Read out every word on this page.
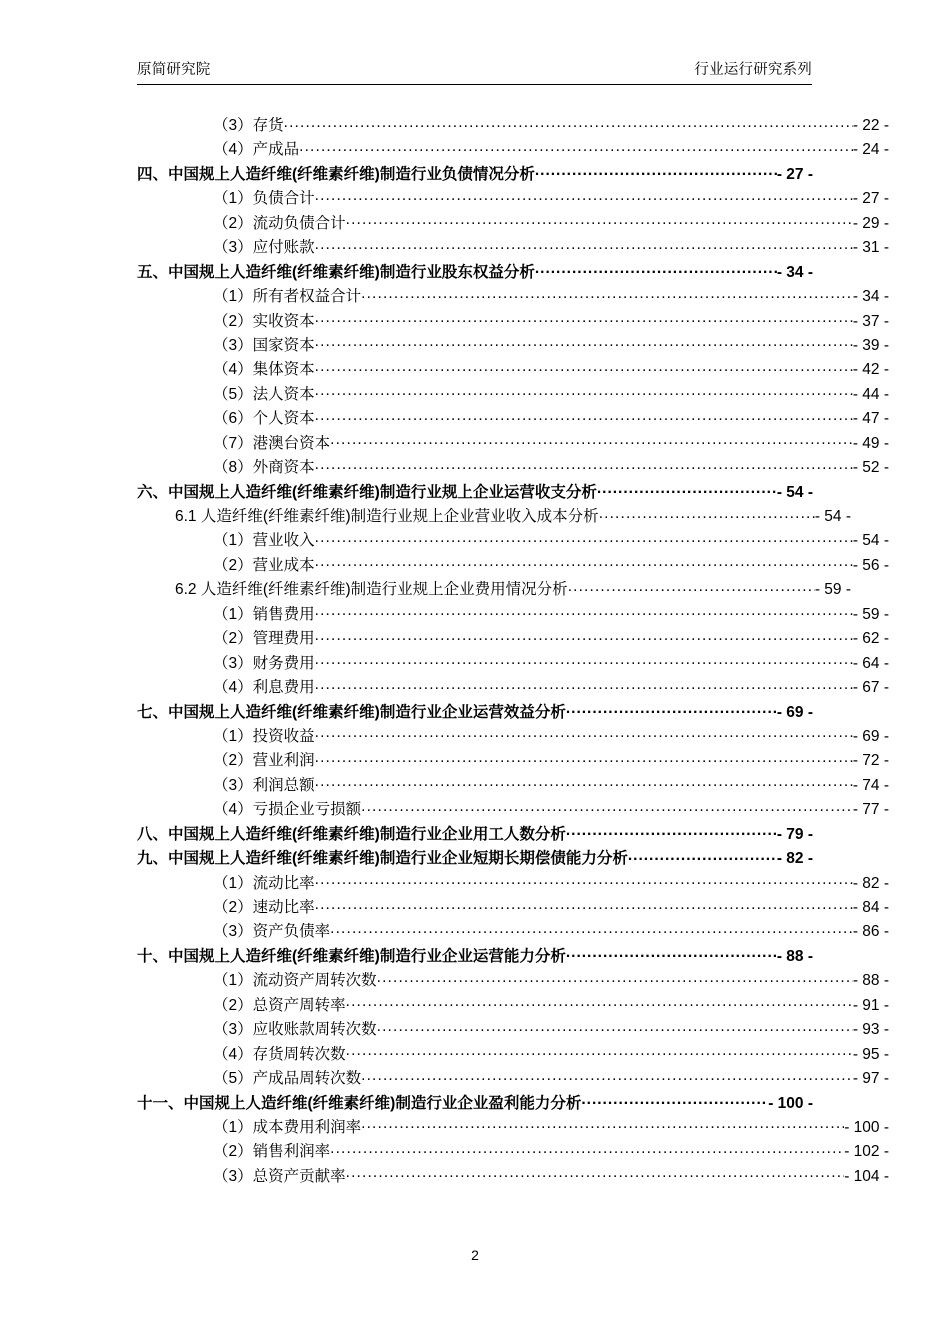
原简研究院	行业运行研究系列
（3）存货 .....	- 22 -
（4）产成品 .....	- 24 -
四、中国规上人造纤维(纤维素纤维)制造行业负债情况分析 .....	- 27 -
（1）负债合计 .....	- 27 -
（2）流动负债合计 .....	- 29 -
（3）应付账款 .....	- 31 -
五、中国规上人造纤维(纤维素纤维)制造行业股东权益分析 .....	- 34 -
（1）所有者权益合计 .....	- 34 -
（2）实收资本 .....	- 37 -
（3）国家资本 .....	- 39 -
（4）集体资本 .....	- 42 -
（5）法人资本 .....	- 44 -
（6）个人资本 .....	- 47 -
（7）港澳台资本 .....	- 49 -
（8）外商资本 .....	- 52 -
六、中国规上人造纤维(纤维素纤维)制造行业规上企业运营收支分析 .....	- 54 -
6.1 人造纤维(纤维素纤维)制造行业规上企业营业收入成本分析 .....	- 54 -
（1）营业收入 .....	- 54 -
（2）营业成本 .....	- 56 -
6.2 人造纤维(纤维素纤维)制造行业规上企业费用情况分析 .....	- 59 -
（1）销售费用 .....	- 59 -
（2）管理费用 .....	- 62 -
（3）财务费用 .....	- 64 -
（4）利息费用 .....	- 67 -
七、中国规上人造纤维(纤维素纤维)制造行业企业运营效益分析 .....	- 69 -
（1）投资收益 .....	- 69 -
（2）营业利润 .....	- 72 -
（3）利润总额 .....	- 74 -
（4）亏损企业亏损额 .....	- 77 -
八、中国规上人造纤维(纤维素纤维)制造行业企业用工人数分析 .....	- 79 -
九、中国规上人造纤维(纤维素纤维)制造行业企业短期长期偿债能力分析 .....	- 82 -
（1）流动比率 .....	- 82 -
（2）速动比率 .....	- 84 -
（3）资产负债率 .....	- 86 -
十、中国规上人造纤维(纤维素纤维)制造行业企业运营能力分析 .....	- 88 -
（1）流动资产周转次数 .....	- 88 -
（2）总资产周转率 .....	- 91 -
（3）应收账款周转次数 .....	- 93 -
（4）存货周转次数 .....	- 95 -
（5）产成品周转次数 .....	- 97 -
十一、中国规上人造纤维(纤维素纤维)制造行业企业盈利能力分析 .....	- 100 -
（1）成本费用利润率 .....	- 100 -
（2）销售利润率 .....	- 102 -
（3）总资产贡献率 .....	- 104 -
2
